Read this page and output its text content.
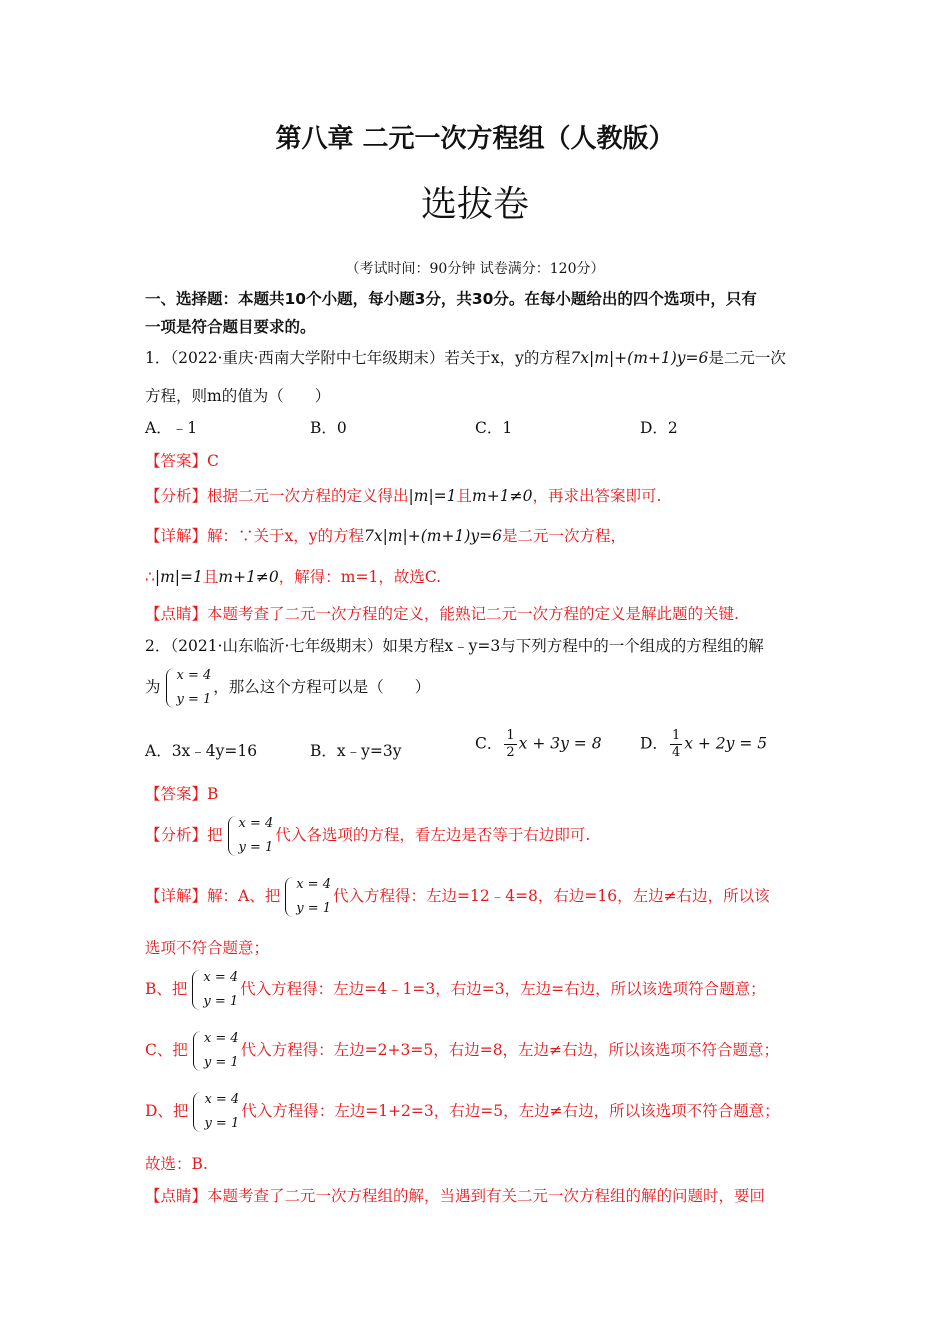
第八章 二元一次方程组（人教版）
选拔卷
（考试时间：90分钟 试卷满分：120分）
一、选择题：本题共10个小题，每小题3分，共30分。在每小题给出的四个选项中，只有
一项是符合题目要求的。
1．（2022·重庆·西南大学附中七年级期末）若关于x，y的方程7x|m|+(m+1)y=6是二元一次
方程，则m的值为（　　）
A．﹣1	B．0	C．1	D．2
【答案】C
【分析】根据二元一次方程的定义得出|m|=1且m+1≠0，再求出答案即可.
【详解】解：∵关于x，y的方程7x|m|+(m+1)y=6是二元一次方程，
∴|m|=1且m+1≠0，解得：m=1，故选C.
【点睛】本题考查了二元一次方程的定义，能熟记二元一次方程的定义是解此题的关键.
2．（2021·山东临沂·七年级期末）如果方程x﹣y=3与下列方程中的一个组成的方程组的解
为
x = 4
y = 1
，那么这个方程可以是（　　）
A．3x﹣4y=16	B．x﹣y=3y	C． $\frac{1}{2}$ x + 3y = 8 D． $\frac{1}{4}$ x + 2y = 5
【答案】B
【分析】把
x = 4
y = 1
代入各选项的方程，看左边是否等于右边即可.
【详解】解：A、把
x = 4
y = 1
代入方程得：左边=12﹣4=8，右边=16，左边≠右边，所以该
选项不符合题意；
B、把
x = 4
y = 1
代入方程得：左边=4﹣1=3，右边=3，左边=右边，所以该选项符合题意；
C、把
x = 4
y = 1
代入方程得：左边=2+3=5，右边=8，左边≠右边，所以该选项不符合题意；
D、把
x = 4
y = 1
代入方程得：左边=1+2=3，右边=5，左边≠右边，所以该选项不符合题意；
故选：B.
【点睛】本题考查了二元一次方程组的解，当遇到有关二元一次方程组的解的问题时，要回
